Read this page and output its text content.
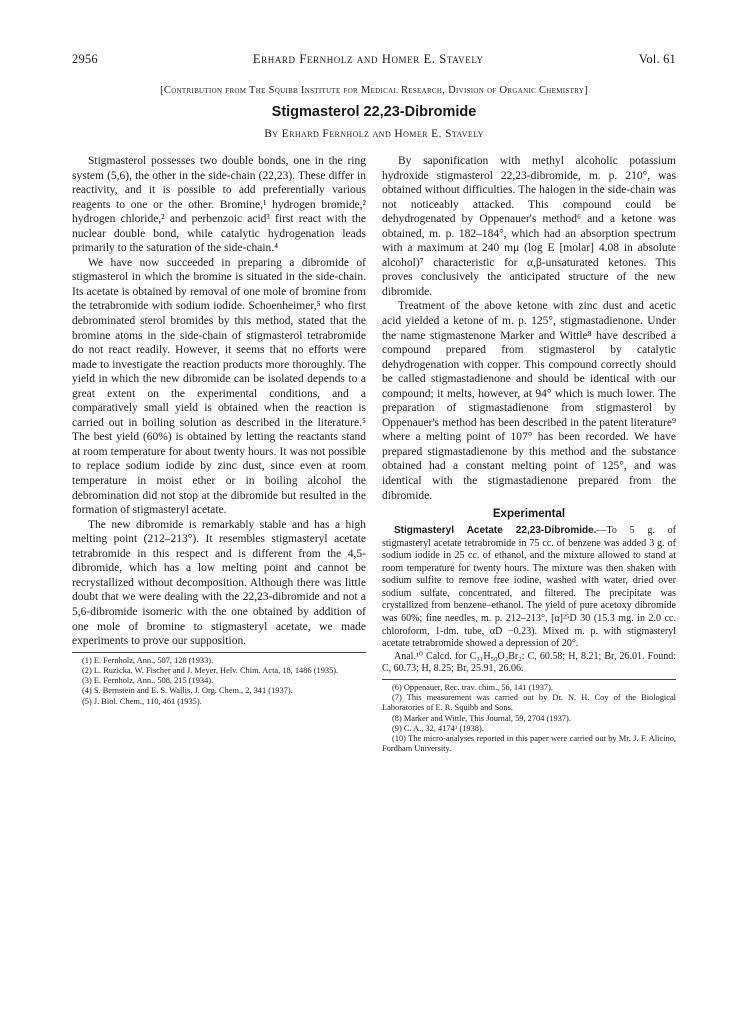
2956	Erhard Fernholz and Homer E. Stavely	Vol. 61
[Contribution from The Squibb Institute for Medical Research, Division of Organic Chemistry]
Stigmasterol 22,23-Dibromide
By Erhard Fernholz and Homer E. Stavely

Stigmasterol possesses two double bonds, one in the ring system (5,6), the other in the side-chain (22,23). These differ in reactivity, and it is possible to add preferentially various reagents to one or the other. Bromine,¹ hydrogen bromide,² hydrogen chloride,² and perbenzoic acid³ first react with the nuclear double bond, while catalytic hydrogenation leads primarily to the saturation of the side-chain.⁴

We have now succeeded in preparing a dibromide of stigmasterol in which the bromine is situated in the side-chain. Its acetate is obtained by removal of one mole of bromine from the tetrabromide with sodium iodide. Schoenheimer,⁵ who first debrominated sterol bromides by this method, stated that the bromine atoms in the side-chain of stigmasterol tetrabromide do not react readily. However, it seems that no efforts were made to investigate the reaction products more thoroughly. The yield in which the new dibromide can be isolated depends to a great extent on the experimental conditions, and a comparatively small yield is obtained when the reaction is carried out in boiling solution as described in the literature.⁵ The best yield (60%) is obtained by letting the reactants stand at room temperature for about twenty hours. It was not possible to replace sodium iodide by zinc dust, since even at room temperature in moist ether or in boiling alcohol the debromination did not stop at the dibromide but resulted in the formation of stigmasteryl acetate.

The new dibromide is remarkably stable and has a high melting point (212–213°). It resembles stigmasteryl acetate tetrabromide in this respect and is different from the 4,5-dibromide, which has a low melting point and cannot be recrystallized without decomposition. Although there was little doubt that we were dealing with the 22,23-dibromide and not a 5,6-dibromide isomeric with the one obtained by addition of one mole of bromine to stigmasteryl acetate, we made experiments to prove our supposition.

(1) E. Fernholz, Ann., 507, 128 (1933).
(2) L. Ruzicka, W. Fischer and J. Meyer, Helv. Chim. Acta, 18, 1486 (1935).
(3) E. Fernholz, Ann., 508, 215 (1934).
(4) S. Bernstein and E. S. Wallis, J. Org. Chem., 2, 341 (1937).
(5) J. Biol. Chem., 110, 461 (1935).

By saponification with methyl alcoholic potassium hydroxide stigmasterol 22,23-dibromide, m. p. 210°, was obtained without difficulties. The halogen in the side-chain was not noticeably attacked. This compound could be dehydrogenated by Oppenauer's method⁶ and a ketone was obtained, m. p. 182–184°, which had an absorption spectrum with a maximum at 240 mμ (log E [molar] 4.08 in absolute alcohol)⁷ characteristic for α,β-unsaturated ketones. This proves conclusively the anticipated structure of the new dibromide.

Treatment of the above ketone with zinc dust and acetic acid yielded a ketone of m. p. 125°, stigmastadienone. Under the name stigmastenone Marker and Wittle⁸ have described a compound prepared from stigmasterol by catalytic dehydrogenation with copper. This compound correctly should be called stigmastadienone and should be identical with our compound; it melts, however, at 94° which is much lower. The preparation of stigmastadienone from stigmasterol by Oppenauer's method has been described in the patent literature⁹ where a melting point of 107° has been recorded. We have prepared stigmastadienone by this method and the substance obtained had a constant melting point of 125°, and was identical with the stigmastadienone prepared from the dibromide.

Experimental

Stigmasteryl Acetate 22,23-Dibromide.—To 5 g. of stigmasteryl acetate tetrabromide in 75 cc. of benzene was added 3 g. of sodium iodide in 25 cc. of ethanol, and the mixture allowed to stand at room temperature for twenty hours. The mixture was then shaken with sodium sulfite to remove free iodine, washed with water, dried over sodium sulfate, concentrated, and filtered. The precipitate was crystallized from benzene–ethanol. The yield of pure acetoxy dibromide was 60%; fine needles, m. p. 212–213°, [α]²⁵D 30 (15.3 mg. in 2.0 cc. chloroform, 1-dm. tube, αD −0.23). Mixed m. p. with stigmasteryl acetate tetrabromide showed a depression of 20°.

Anal.¹⁰ Calcd. for C₃₁H₅₀O₂Br₂: C, 60.58; H, 8.21; Br, 26.01. Found: C, 60.73; H, 8.25; Br, 25.91, 26.06.

(6) Oppenauer, Rec. trav. chim., 56, 141 (1937).
(7) This measurement was carried out by Dr. N. H. Coy of the Biological Laboratories of E. R. Squibb and Sons.
(8) Marker and Wittle, This Journal, 59, 2704 (1937).
(9) C. A., 32, 4174³ (1938).
(10) The micro-analyses reported in this paper were carried out by Mr. J. F. Alicino, Fordham University.
